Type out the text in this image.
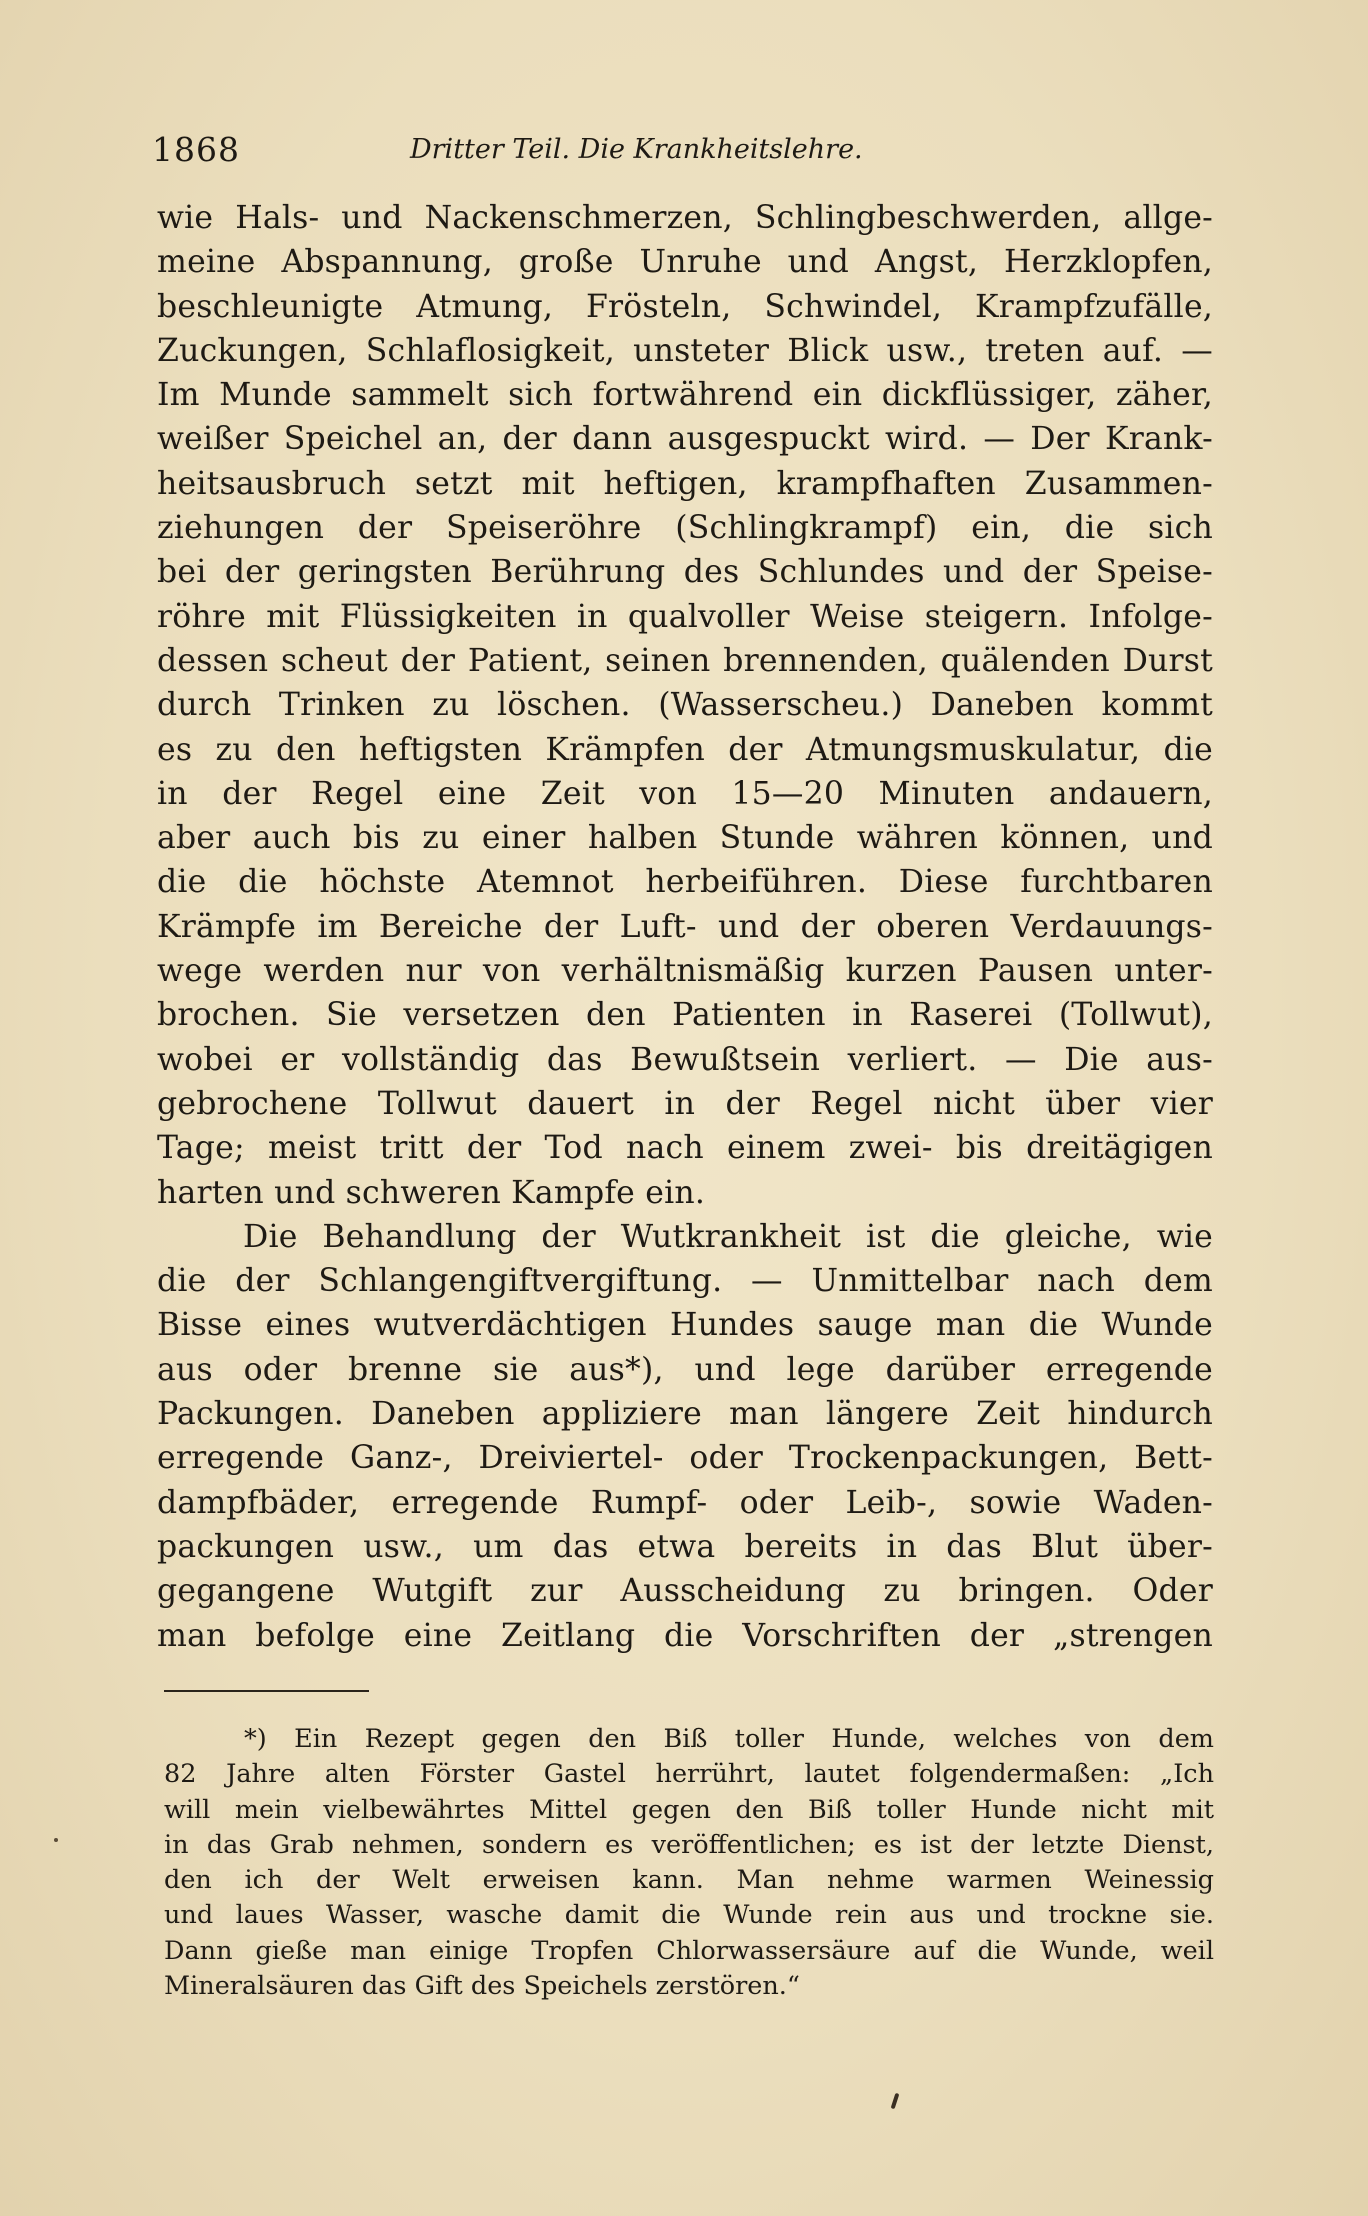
1868	Dritter Teil. Die Krankheitslehre.
wie Hals- und Nackenschmerzen, Schlingbeschwerden, allge-
meine Abspannung, große Unruhe und Angst, Herzklopfen,
beschleunigte Atmung, Frösteln, Schwindel, Krampfzufälle,
Zuckungen, Schlaflosigkeit, unsteter Blick usw., treten auf. —
Im Munde sammelt sich fortwährend ein dickflüssiger, zäher,
weißer Speichel an, der dann ausgespuckt wird. — Der Krank-
heitsausbruch setzt mit heftigen, krampfhaften Zusammen-
ziehungen der Speiseröhre (Schlingkrampf) ein, die sich
bei der geringsten Berührung des Schlundes und der Speise-
röhre mit Flüssigkeiten in qualvoller Weise steigern. Infolge-
dessen scheut der Patient, seinen brennenden, quälenden Durst
durch Trinken zu löschen. (Wasserscheu.) Daneben kommt
es zu den heftigsten Krämpfen der Atmungsmuskulatur, die
in der Regel eine Zeit von 15—20 Minuten andauern,
aber auch bis zu einer halben Stunde währen können, und
die die höchste Atemnot herbeiführen. Diese furchtbaren
Krämpfe im Bereiche der Luft- und der oberen Verdauungs-
wege werden nur von verhältnismäßig kurzen Pausen unter-
brochen. Sie versetzen den Patienten in Raserei (Tollwut),
wobei er vollständig das Bewußtsein verliert. — Die aus-
gebrochene Tollwut dauert in der Regel nicht über vier
Tage; meist tritt der Tod nach einem zwei- bis dreitägigen
harten und schweren Kampfe ein.
Die Behandlung der Wutkrankheit ist die gleiche, wie
die der Schlangengiftvergiftung. — Unmittelbar nach dem
Bisse eines wutverdächtigen Hundes sauge man die Wunde
aus oder brenne sie aus*), und lege darüber erregende
Packungen. Daneben appliziere man längere Zeit hindurch
erregende Ganz-, Dreiviertel- oder Trockenpackungen, Bett-
dampfbäder, erregende Rumpf- oder Leib-, sowie Waden-
packungen usw., um das etwa bereits in das Blut über-
gegangene Wutgift zur Ausscheidung zu bringen. Oder
man befolge eine Zeitlang die Vorschriften der „strengen
*) Ein Rezept gegen den Biß toller Hunde, welches von dem
82 Jahre alten Förster Gastel herrührt, lautet folgendermaßen: „Ich
will mein vielbewährtes Mittel gegen den Biß toller Hunde nicht mit
in das Grab nehmen, sondern es veröffentlichen; es ist der letzte Dienst,
den ich der Welt erweisen kann. Man nehme warmen Weinessig
und laues Wasser, wasche damit die Wunde rein aus und trockne sie.
Dann gieße man einige Tropfen Chlorwassersäure auf die Wunde, weil
Mineralsäuren das Gift des Speichels zerstören.“
